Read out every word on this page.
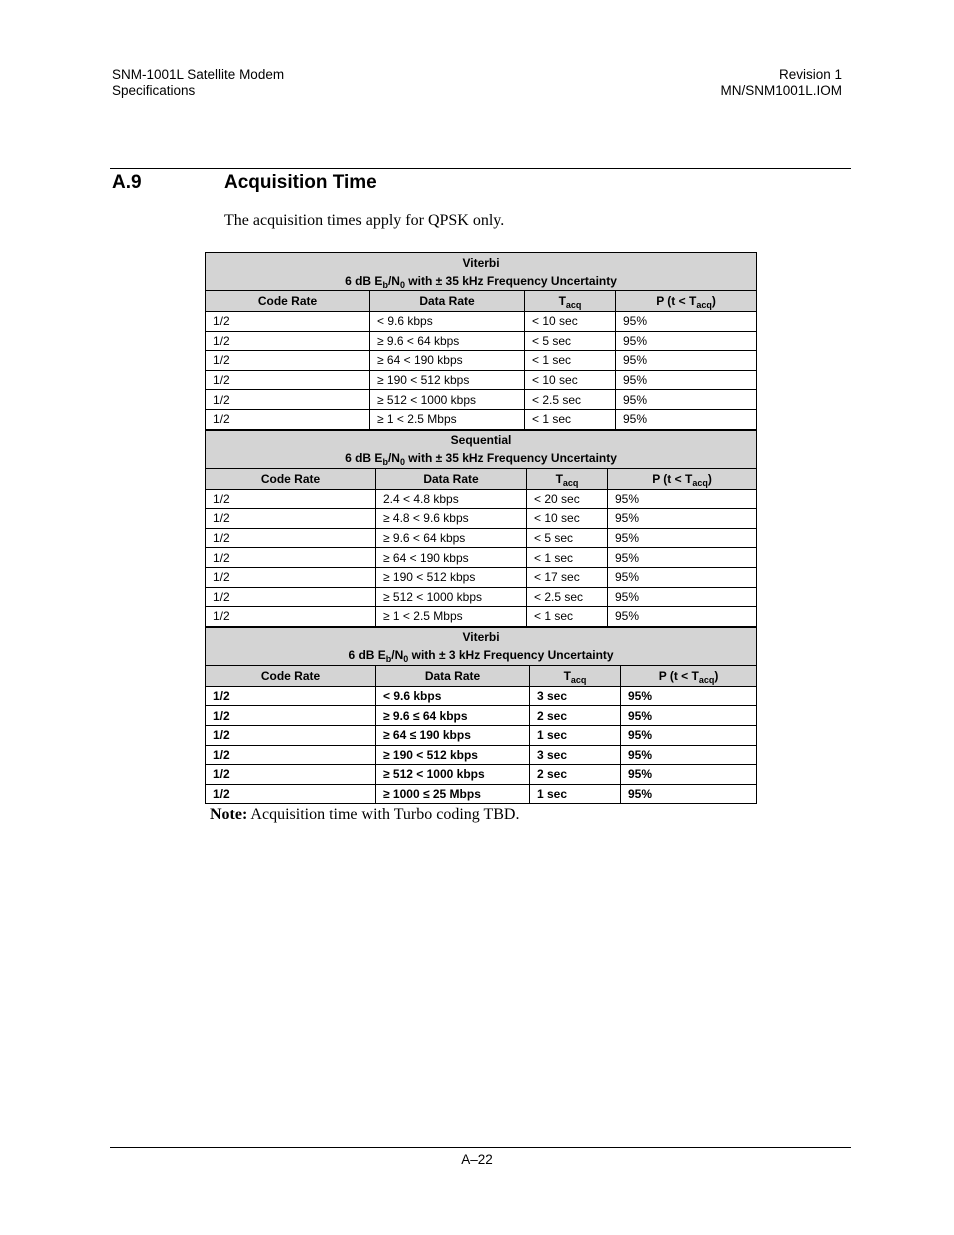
SNM-1001L Satellite Modem
Specifications
Revision 1
MN/SNM1001L.IOM
A.9	Acquisition Time
The acquisition times apply for QPSK only.
Viterbi
6 dB $E_b/N_0$ with ± 35 kHz Frequency Uncertainty			

Code Rate	Data Rate	$T_{acq}$	P $(t < T_{acq})$
1/2	< 9.6 kbps	< 10 sec	95%
1/2	≥ 9.6 < 64 kbps	< 5 sec	95%
1/2	≥ 64 < 190 kbps	< 1 sec	95%
1/2	≥ 190 < 512 kbps	< 10 sec	95%
1/2	≥ 512 < 1000 kbps	< 2.5 sec	95%
1/2	≥ 1 < 2.5 Mbps	< 1 sec	95%
Sequential
6 dB $E_b/N_0$ with ± 35 kHz Frequency Uncertainty			

Code Rate	Data Rate	$T_{acq}$	P $(t < T_{acq})$
1/2	2.4 < 4.8 kbps	< 20 sec	95%
1/2	≥ 4.8 < 9.6 kbps	< 10 sec	95%
1/2	≥ 9.6 < 64 kbps	< 5 sec	95%
1/2	≥ 64 < 190 kbps	< 1 sec	95%
1/2	≥ 190 < 512 kbps	< 17 sec	95%
1/2	≥ 512 < 1000 kbps	< 2.5 sec	95%
1/2	≥ 1 < 2.5 Mbps	< 1 sec	95%
Viterbi
6 dB $E_b/N_0$ with ± 3 kHz Frequency Uncertainty			

Code Rate	Data Rate	$T_{acq}$	P $(t < T_{acq})$
1/2	< 9.6 kbps	3 sec	95%
1/2	≥ 9.6 ≤ 64 kbps	2 sec	95%
1/2	≥ 64 ≤ 190 kbps	1 sec	95%
1/2	≥ 190 < 512 kbps	3 sec	95%
1/2	≥ 512 < 1000 kbps	2 sec	95%
1/2	≥ 1000 ≤ 25 Mbps	1 sec	95%
Note: Acquisition time with Turbo coding TBD.
A–22
